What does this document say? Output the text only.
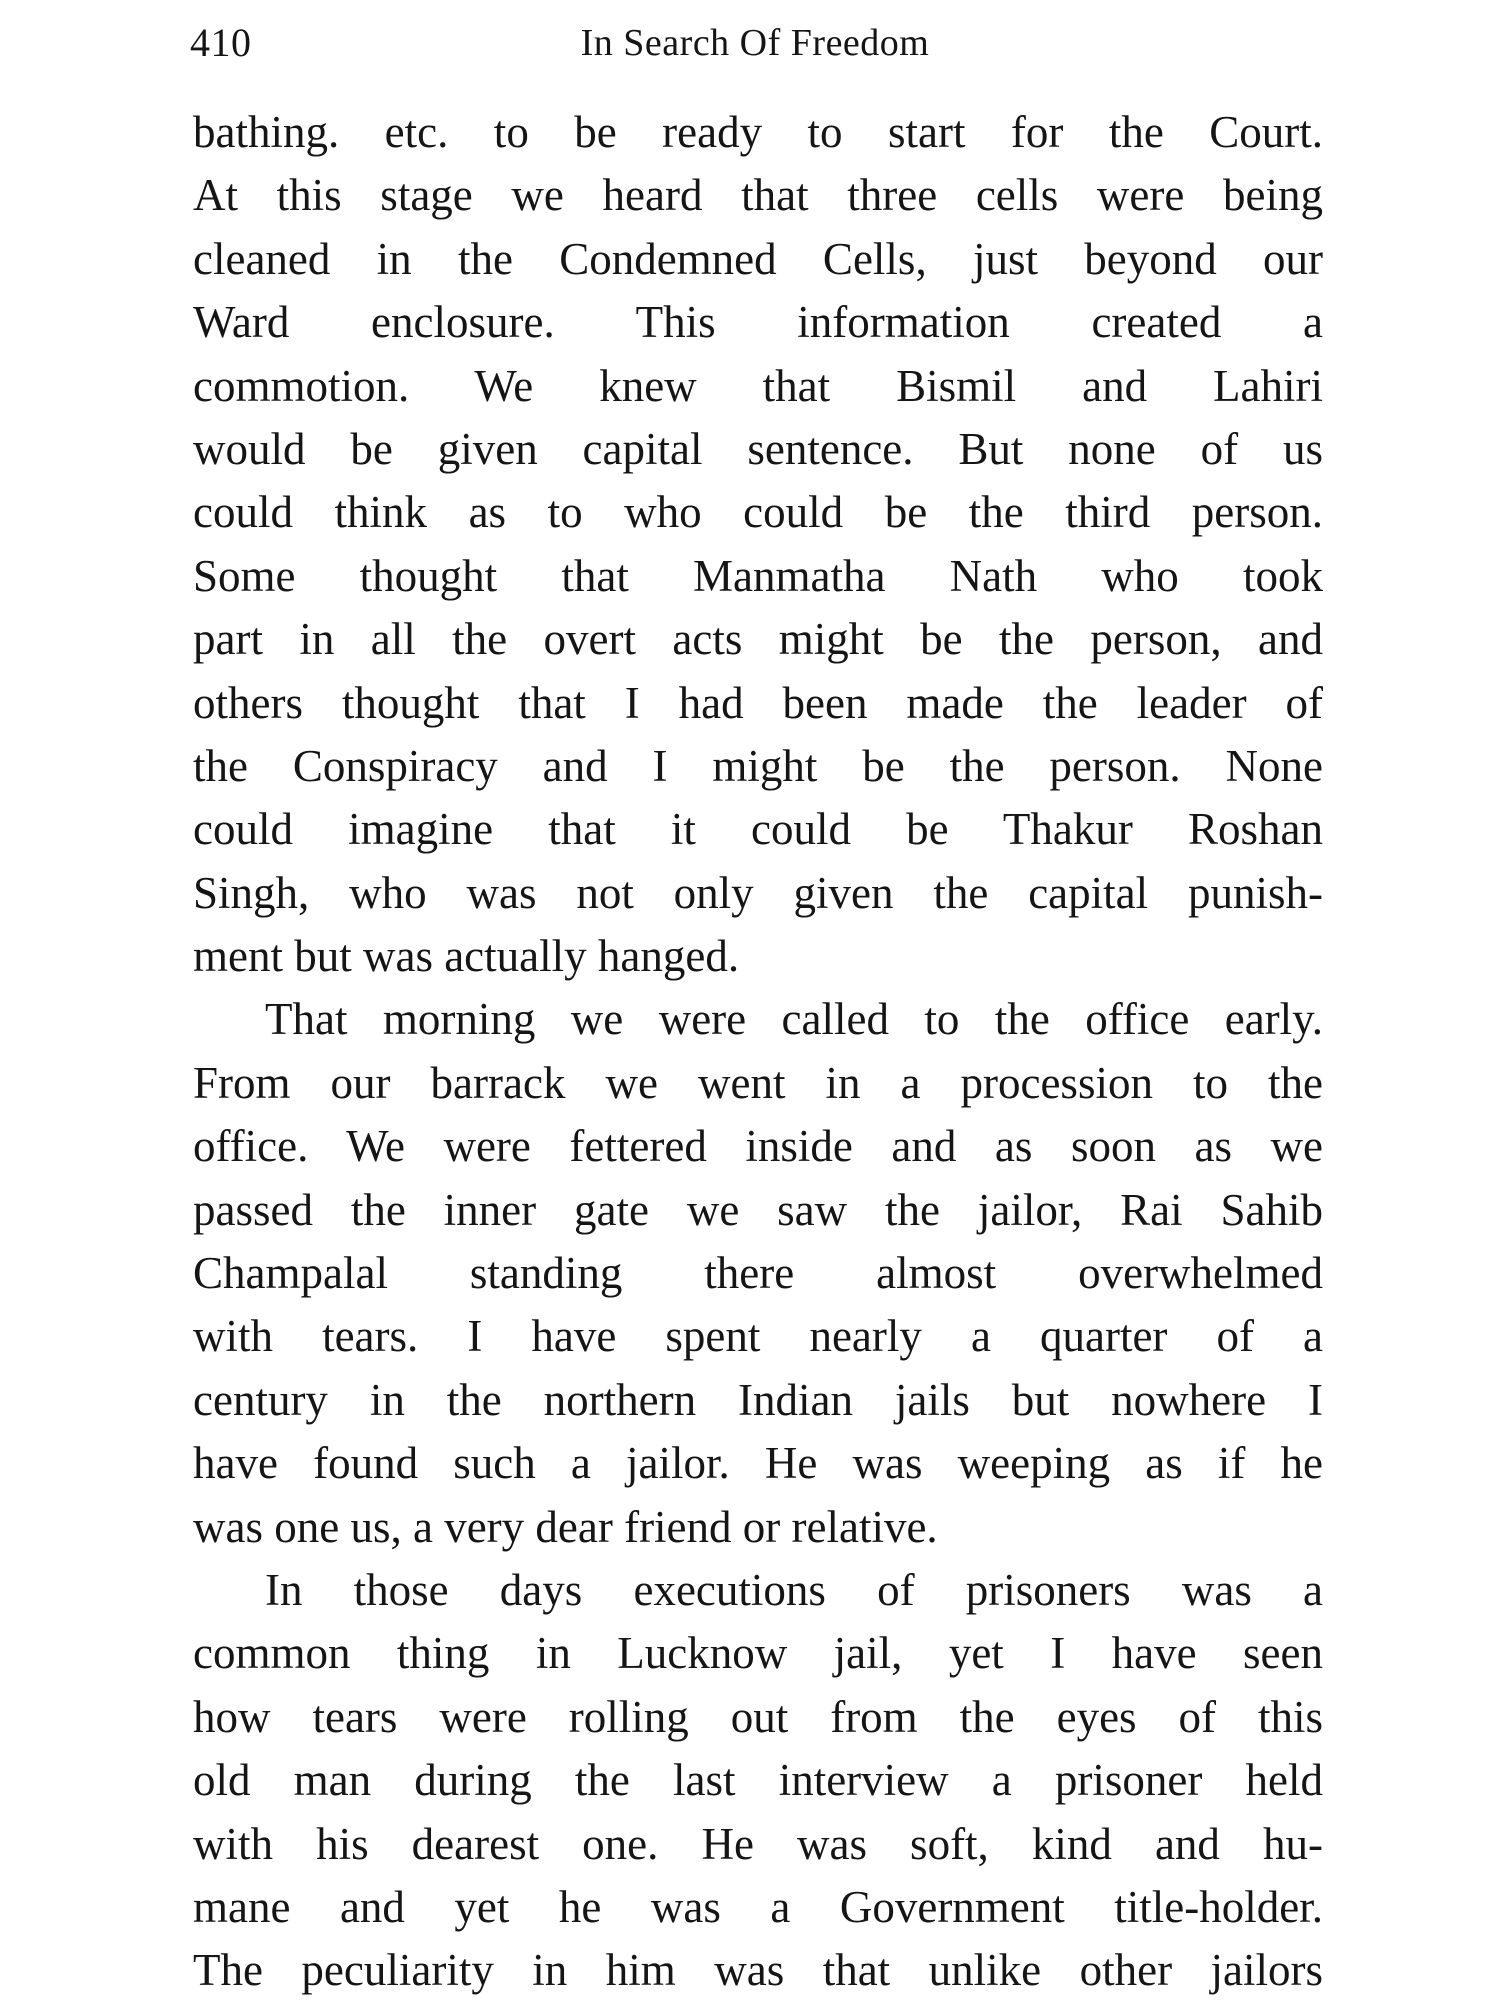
410	In Search Of Freedom
bathing. etc. to be ready to start for the Court.
At this stage we heard that three cells were being
cleaned in the Condemned Cells, just beyond our
Ward enclosure. This information created a
commotion. We knew that Bismil and Lahiri
would be given capital sentence. But none of us
could think as to who could be the third person.
Some thought that Manmatha Nath who took
part in all the overt acts might be the person, and
others thought that I had been made the leader of
the Conspiracy and I might be the person. None
could imagine that it could be Thakur Roshan
Singh, who was not only given the capital punish-
ment but was actually hanged.
That morning we were called to the office early.
From our barrack we went in a procession to the
office. We were fettered inside and as soon as we
passed the inner gate we saw the jailor, Rai Sahib
Champalal standing there almost overwhelmed
with tears. I have spent nearly a quarter of a
century in the northern Indian jails but nowhere I
have found such a jailor. He was weeping as if he
was one us, a very dear friend or relative.
In those days executions of prisoners was a
common thing in Lucknow jail, yet I have seen
how tears were rolling out from the eyes of this
old man during the last interview a prisoner held
with his dearest one. He was soft, kind and hu-
mane and yet he was a Government title-holder.
The peculiarity in him was that unlike other jailors
